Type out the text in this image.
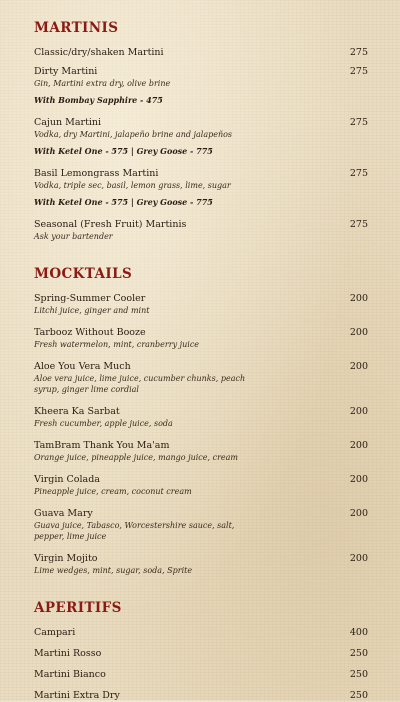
MARTINIS
Classic/dry/shaken Martini	275
Dirty Martini	275
Gin, Martini extra dry, olive brine
With Bombay Sapphire - 475
Cajun Martini	275
Vodka, dry Martini, jalapeño brine and jalapeños
With Ketel One - 575 | Grey Goose - 775
Basil Lemongrass Martini	275
Vodka, triple sec, basil, lemon grass, lime, sugar
With Ketel One - 575 | Grey Goose - 775
Seasonal (Fresh Fruit) Martinis	275
Ask your bartender
MOCKTAILS
Spring-Summer Cooler	200
Litchi juice, ginger and mint
Tarbooz Without Booze	200
Fresh watermelon, mint, cranberry juice
Aloe You Vera Much	200
Aloe vera juice, lime juice, cucumber chunks, peach syrup, ginger lime cordial
Kheera Ka Sarbat	200
Fresh cucumber, apple juice, soda
TamBram Thank You Ma'am	200
Orange juice, pineapple juice, mango juice, cream
Virgin Colada	200
Pineapple juice, cream, coconut cream
Guava Mary	200
Guava juice, Tabasco, Worcestershire sauce, salt, pepper, lime juice
Virgin Mojito	200
Lime wedges, mint, sugar, soda, Sprite
APERITIFS
Campari	400
Martini Rosso	250
Martini Bianco	250
Martini Extra Dry	250
